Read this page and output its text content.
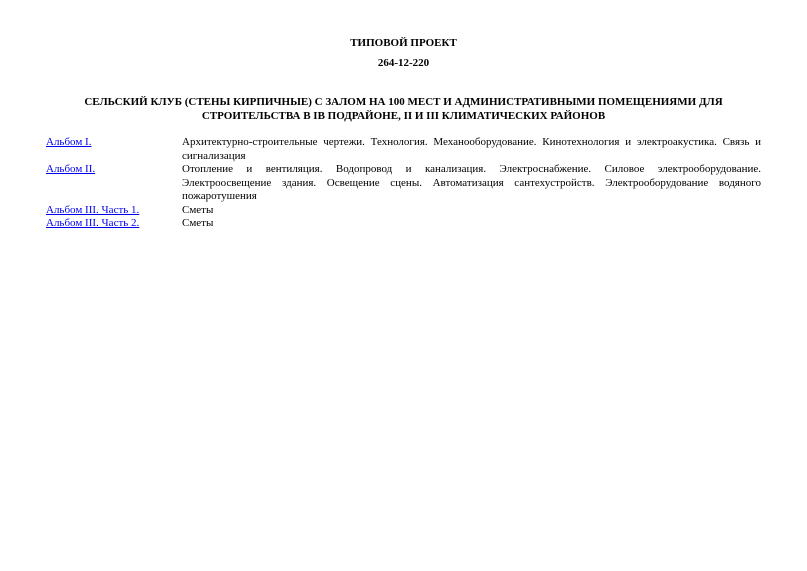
ТИПОВОЙ ПРОЕКТ
264-12-220
СЕЛЬСКИЙ КЛУБ (СТЕНЫ КИРПИЧНЫЕ) С ЗАЛОМ НА 100 МЕСТ И АДМИНИСТРАТИВНЫМИ ПОМЕЩЕНИЯМИ ДЛЯ СТРОИТЕЛЬСТВА В IB ПОДРАЙОНЕ, II И III КЛИМАТИЧЕСКИХ РАЙОНОВ
Альбом I.	Архитектурно-строительные чертежи. Технология. Механооборудование. Кинотехнология и электроакустика. Связь и сигнализация
Альбом II.	Отопление и вентиляция. Водопровод и канализация. Электроснабжение. Силовое электрооборудование. Электроосвещение здания. Освещение сцены. Автоматизация сантехустройств. Электрооборудование водяного пожаротушения
Альбом III. Часть 1.	Сметы
Альбом III. Часть 2.	Сметы
